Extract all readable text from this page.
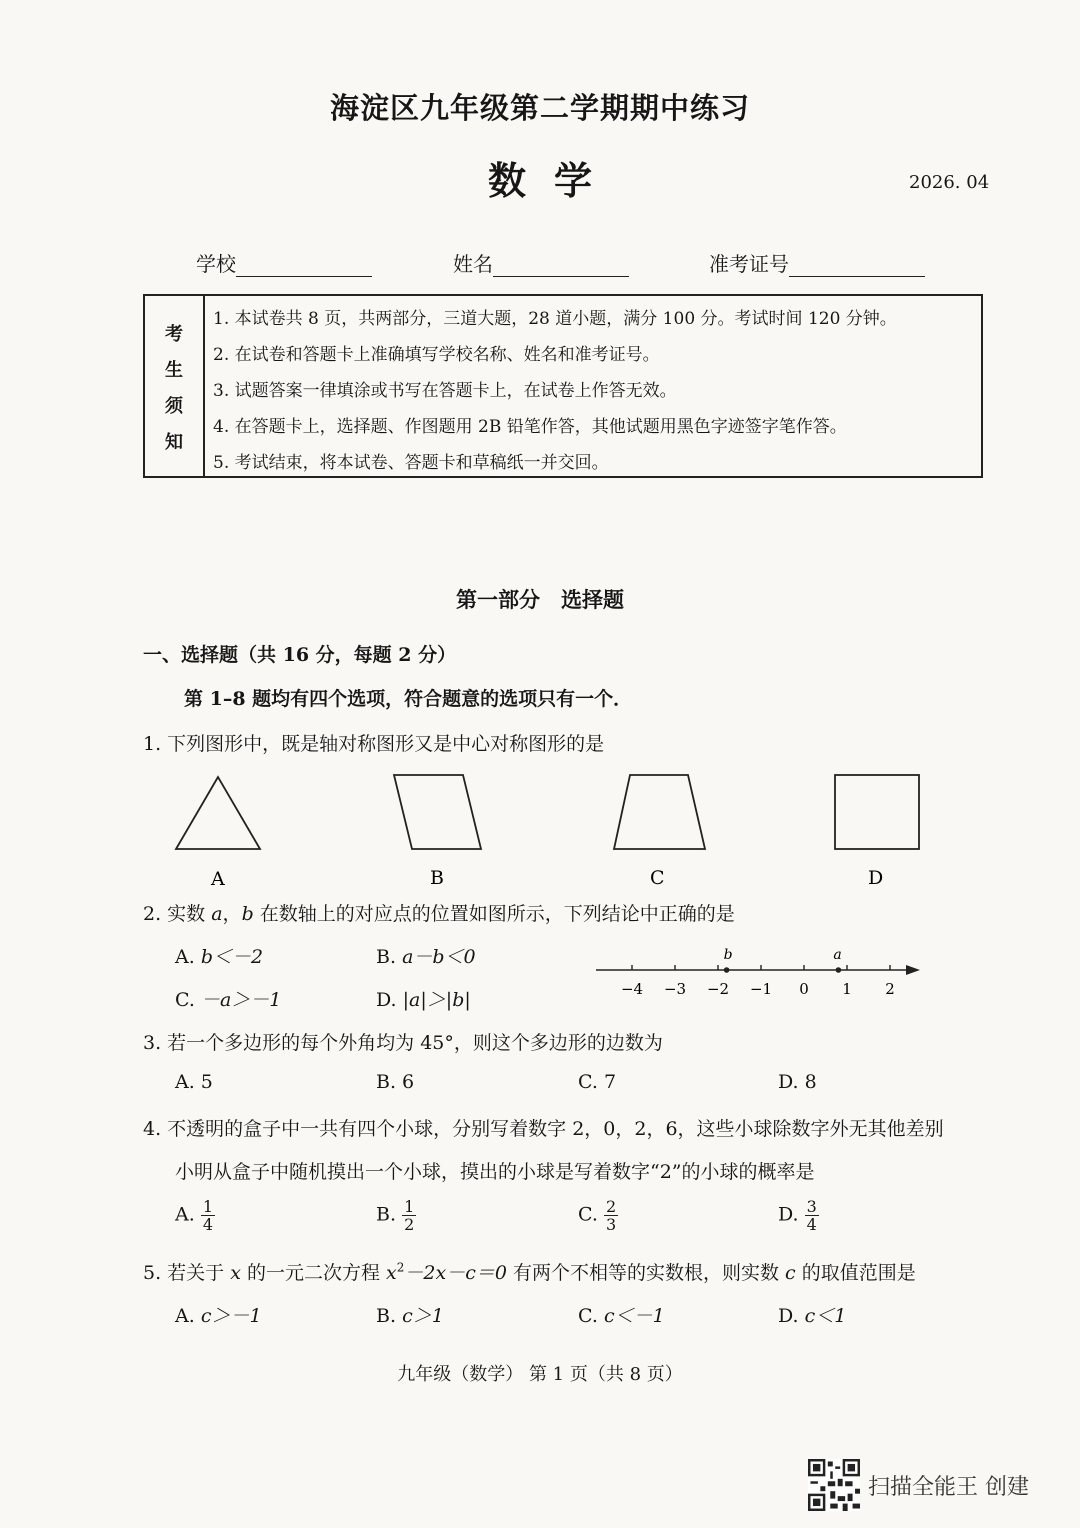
海淀区九年级第二学期期中练习
数学	2026. 04
学校	姓名	准考证号
考
生
须
知
1. 本试卷共 8 页，共两部分，三道大题，28 道小题，满分 100 分。考试时间 120 分钟。
2. 在试卷和答题卡上准确填写学校名称、姓名和准考证号。
3. 试题答案一律填涂或书写在答题卡上，在试卷上作答无效。
4. 在答题卡上，选择题、作图题用 2B 铅笔作答，其他试题用黑色字迹签字笔作答。
5. 考试结束，将本试卷、答题卡和草稿纸一并交回。
第一部分　选择题
一、选择题（共 16 分，每题 2 分）
第 1–8 题均有四个选项，符合题意的选项只有一个．
1. 下列图形中，既是轴对称图形又是中心对称图形的是
A	B	C	D
2. 实数 a，b 在数轴上的对应点的位置如图所示，下列结论中正确的是
A. b＜－2	B. a－b＜0
C. －a＞－1	D. |a|＞|b|	−4 −3 −2 −1 0 1 2
b	a
3. 若一个多边形的每个外角均为 45°，则这个多边形的边数为
A. 5	B. 6	C. 7	D. 8
4. 不透明的盒子中一共有四个小球，分别写着数字 2，0，2，6，这些小球除数字外无其他差别
小明从盒子中随机摸出一个小球，摸出的小球是写着数字“2”的小球的概率是
A. $\frac{1}{4}$	B. $\frac{1}{2}$	C. $\frac{2}{3}$	D. $\frac{3}{4}$
5. 若关于 x 的一元二次方程 $x^2-2x-c=0$ 有两个不相等的实数根，则实数 c 的取值范围是
A. c＞－1	B. c＞1	C. c＜－1	D. c＜1
九年级（数学） 第 1 页（共 8 页）
扫描全能王 创建
